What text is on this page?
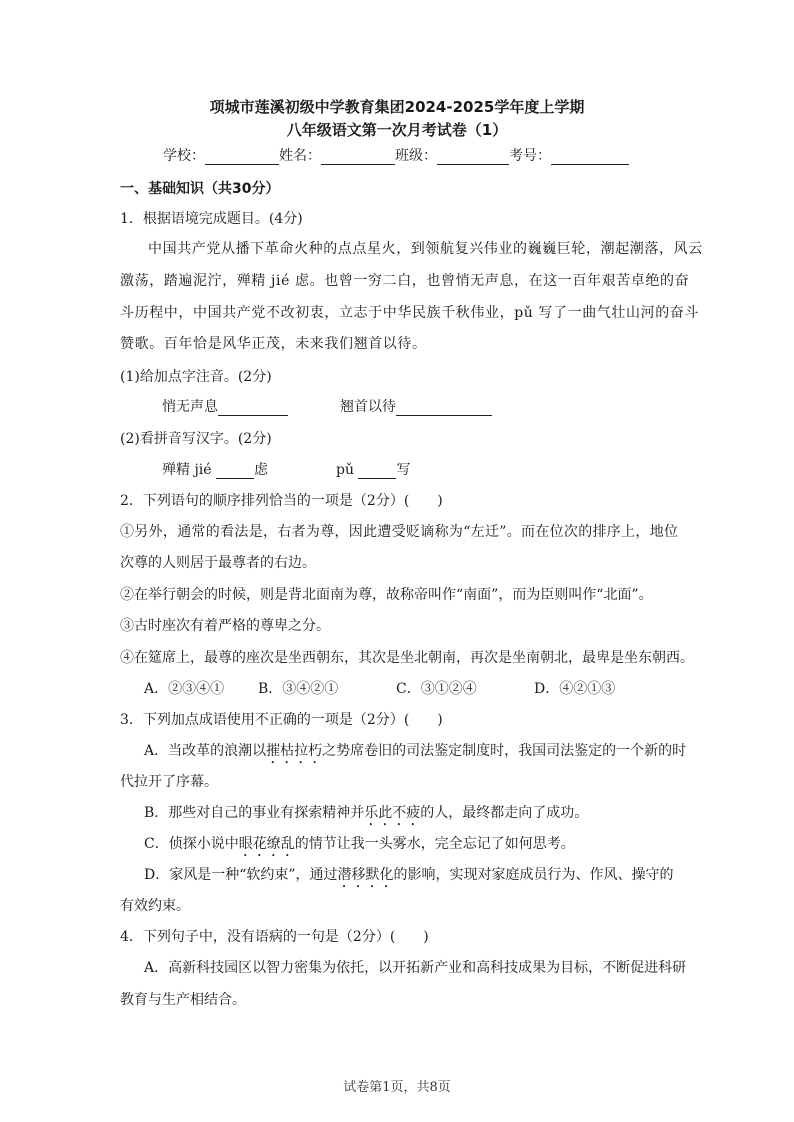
项城市莲溪初级中学教育集团2024-2025学年度上学期
八年级语文第一次月考试卷（1）
学校：	姓名：	班级：	考号：
一、基础知识（共30分）
1．根据语境完成题目。(4分)
中国共产党从播下革命火种的点点星火，到领航复兴伟业的巍巍巨轮，潮起潮落，风云
激荡，踏遍泥泞，殚精 jié 虑。也曾一穷二白，也曾悄无声息，在这一百年艰苦卓绝的奋
斗历程中，中国共产党不改初衷，立志于中华民族千秋伟业，pǔ 写了一曲气壮山河的奋斗
赞歌。百年恰是风华正茂，未来我们翘首以待。
(1)给加点字注音。(2分)
悄无声息	翘首以待
(2)看拼音写汉字。(2分)
殚精 jié	虑	pǔ	写
2．下列语句的顺序排列恰当的一项是（2分）(　　)
①另外，通常的看法是，右者为尊，因此遭受贬谪称为“左迁”。而在位次的排序上，地位
次尊的人则居于最尊者的右边。
②在举行朝会的时候，则是背北面南为尊，故称帝叫作“南面”，而为臣则叫作“北面”。
③古时座次有着严格的尊卑之分。
④在筵席上，最尊的座次是坐西朝东，其次是坐北朝南，再次是坐南朝北，最卑是坐东朝西。
A．②③④① B．③④②①	C．③①②④	D．④②①③
3．下列加点成语使用不正确的一项是（2分）(　　)
A．当改革的浪潮以摧枯拉朽之势席卷旧的司法鉴定制度时，我国司法鉴定的一个新的时
代拉开了序幕。
B．那些对自己的事业有探索精神并乐此不疲的人，最终都走向了成功。
C．侦探小说中眼花缭乱的情节让我一头雾水，完全忘记了如何思考。
D．家风是一种“软约束”，通过潜移默化的影响，实现对家庭成员行为、作风、操守的
有效约束。
4．下列句子中，没有语病的一句是（2分）(　　)
A．高新科技园区以智力密集为依托，以开拓新产业和高科技成果为目标，不断促进科研
教育与生产相结合。
试卷第1页，共8页
